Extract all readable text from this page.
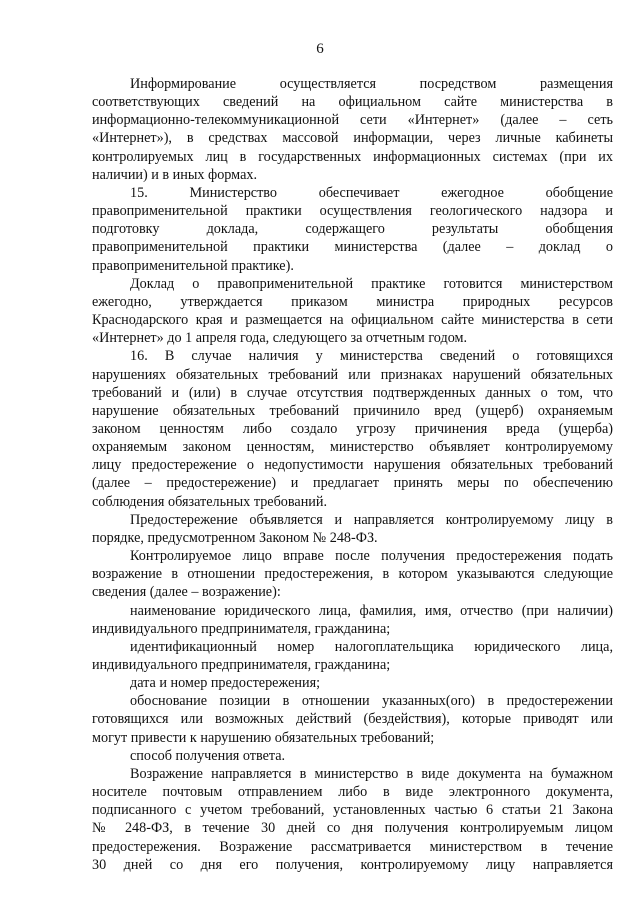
6
Информирование осуществляется посредством размещения
соответствующих сведений на официальном сайте министерства в
информационно-телекоммуникационной сети «Интернет» (далее – сеть
«Интернет»), в средствах массовой информации, через личные кабинеты
контролируемых лиц в государственных информационных системах (при их
наличии) и в иных формах.
15. Министерство обеспечивает ежегодное обобщение
правоприменительной практики осуществления геологического надзора и
подготовку доклада, содержащего результаты обобщения
правоприменительной практики министерства (далее – доклад о
правоприменительной практике).
Доклад о правоприменительной практике готовится министерством
ежегодно, утверждается приказом министра природных ресурсов
Краснодарского края и размещается на официальном сайте министерства в сети
«Интернет» до 1 апреля года, следующего за отчетным годом.
16. В случае наличия у министерства сведений о готовящихся
нарушениях обязательных требований или признаках нарушений обязательных
требований и (или) в случае отсутствия подтвержденных данных о том, что
нарушение обязательных требований причинило вред (ущерб) охраняемым
законом ценностям либо создало угрозу причинения вреда (ущерба)
охраняемым законом ценностям, министерство объявляет контролируемому
лицу предостережение о недопустимости нарушения обязательных требований
(далее – предостережение) и предлагает принять меры по обеспечению
соблюдения обязательных требований.
Предостережение объявляется и направляется контролируемому лицу в
порядке, предусмотренном Законом № 248-ФЗ.
Контролируемое лицо вправе после получения предостережения подать
возражение в отношении предостережения, в котором указываются следующие
сведения (далее – возражение):
наименование юридического лица, фамилия, имя, отчество (при наличии)
индивидуального предпринимателя, гражданина;
идентификационный номер налогоплательщика юридического лица,
индивидуального предпринимателя, гражданина;
дата и номер предостережения;
обоснование позиции в отношении указанных(ого) в предостережении
готовящихся или возможных действий (бездействия), которые приводят или
могут привести к нарушению обязательных требований;
способ получения ответа.
Возражение направляется в министерство в виде документа на бумажном
носителе почтовым отправлением либо в виде электронного документа,
подписанного с учетом требований, установленных частью 6 статьи 21 Закона
№ 248-ФЗ, в течение 30 дней со дня получения контролируемым лицом
предостережения. Возражение рассматривается министерством в течение
30 дней со дня его получения, контролируемому лицу направляется
